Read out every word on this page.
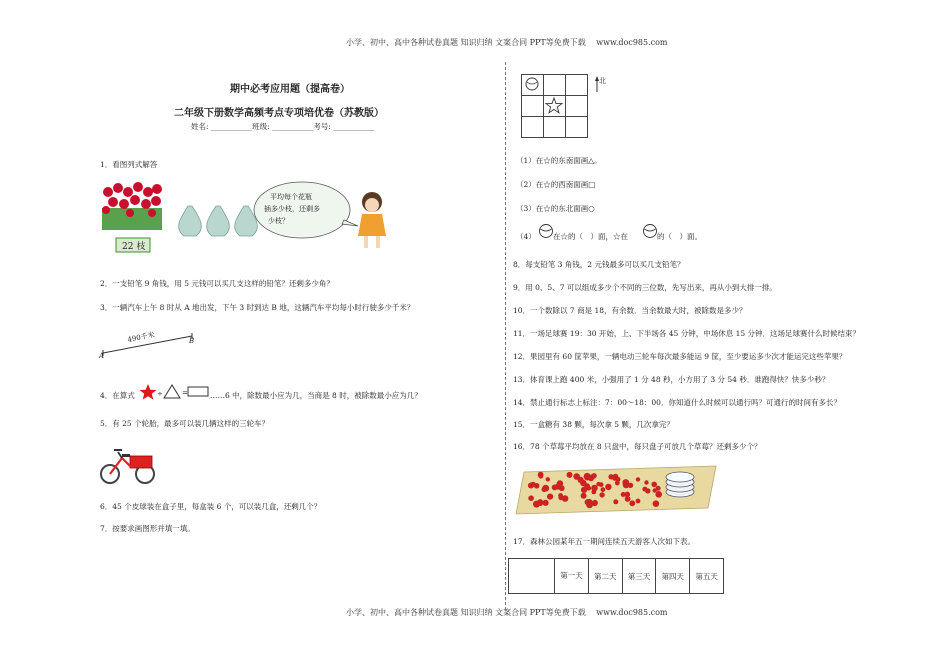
小学、初中、高中各种试卷真题 知识归纳 文案合同 PPT等免费下载　 www.doc985.com
小学、初中、高中各种试卷真题 知识归纳 文案合同 PPT等免费下载　 www.doc985.com
期中必考应用题（提高卷）
二年级下册数学高频考点专项培优卷（苏教版）
姓名: ___________班级: ___________考号: ___________
1．看图列式解答
22 枝
平均每个花瓶
插多少枝，还剩多
少枝？
2．一支铅笔 9 角钱，用 5 元钱可以买几支这样的铅笔？还剩多少角？
3．一辆汽车上午 8 时从 A 地出发，下午 3 时到达 B 地，这辆汽车平均每小时行驶多少千米？
490千米
A
B
4．在算式	÷	=	……6 中，除数最小应为几，当商是 8 时，被除数最小应为几？
5．有 25 个轮胎，最多可以装几辆这样的三轮车？
6．45 个皮球装在盒子里，每盒装 6 个，可以装几盒，还剩几个？
7．按要求画图形并填一填。
北
（1）在☆的东南面画△。
（2）在☆的西南面画□
（3）在☆的东北面画○
（4） 在☆的（　）面，☆在	的（　）面。
8．每支铅笔 3 角钱，2 元钱最多可以买几支铅笔？
9．用 0、5、7 可以组成多少个不同的三位数，先写出来，再从小到大排一排。
10．一个数除以 7 商是 18，有余数．当余数最大时，被除数是多少？
11．一场足球赛 19：30 开始，上、下半场各 45 分钟，中场休息 15 分钟．这场足球赛什么时候结束？
12．果园里有 60 筐苹果，一辆电动三轮车每次最多能运 9 筐，至少要运多少次才能运完这些苹果？
13．体育课上跑 400 米，小强用了 1 分 48 秒，小方用了 3 分 54 秒．谁跑得快？快多少秒？
14．禁止通行标志上标注：7：00～18：00．你知道什么时候可以通行吗？可通行的时间有多长？
15．一盒糖有 38 颗，每次拿 5 颗，几次拿完？
16．78 个草莓平均放在 8 只盘中，每只盘子可放几个草莓？还剩多少个？
17．森林公园某年五一期间连续五天游客人次如下表。
	第一天	第二天	第三天	第四天	第五天
